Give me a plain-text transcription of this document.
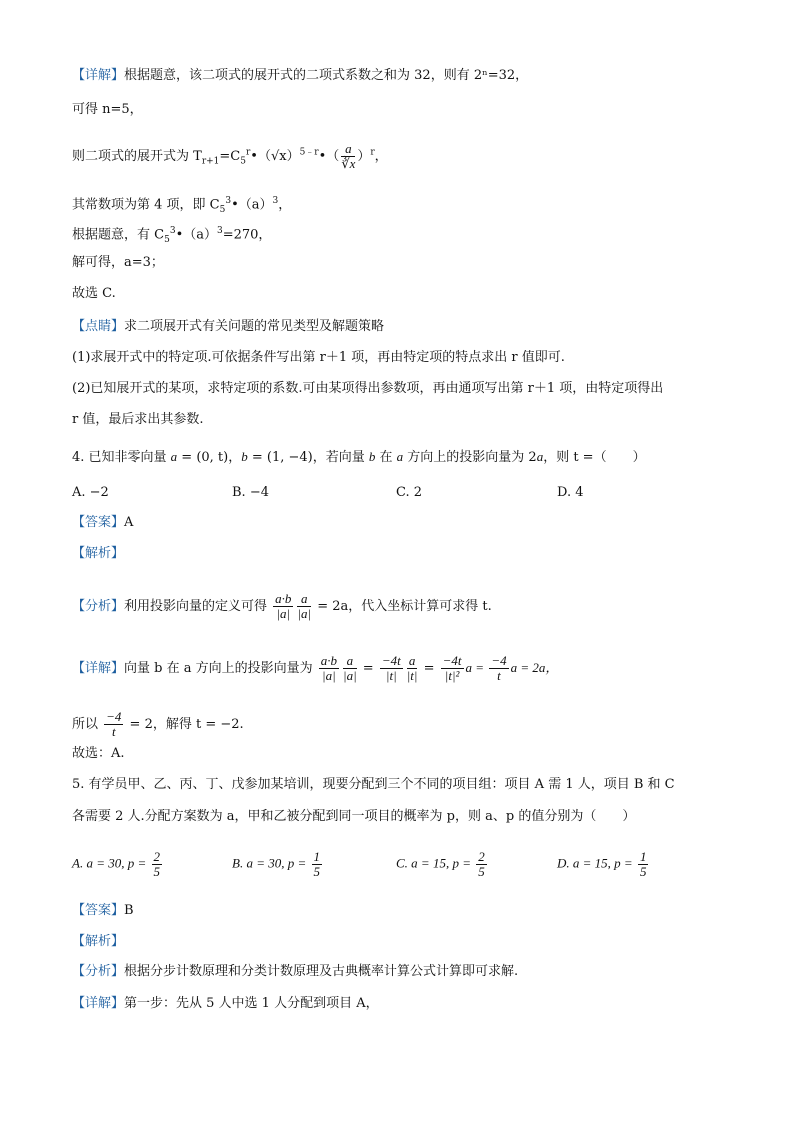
【详解】根据题意，该二项式的展开式的二项式系数之和为 32，则有 2ⁿ=32，
可得 n=5，
则二项式的展开式为 $T_{r+1}=C_5^r•(√x)^{5﹣r}•( \frac{a}{∛x} )^r$，
其常数项为第 4 项，即 $C_5^3•(a)^3$，
根据题意，有 $C_5^3•(a)^3=270$，
解可得，a=3；
故选 C.
【点睛】求二项展开式有关问题的常见类型及解题策略
(1)求展开式中的特定项.可依据条件写出第 r＋1 项，再由特定项的特点求出 r 值即可.
(2)已知展开式的某项，求特定项的系数.可由某项得出参数项，再由通项写出第 r＋1 项，由特定项得出
r 值，最后求出其参数.
4. 已知非零向量 a = (0, t)，b = (1, −4)，若向量 b 在 a 方向上的投影向量为 2a，则 t =（　　）
A. −2	B. −4	C. 2	D. 4
【答案】A
【解析】
【分析】利用投影向量的定义可得 $\frac{a\cdot b}{|a|} \frac{a}{|a|} = 2a$，代入坐标计算可求得 t.
【详解】向量 b 在 a 方向上的投影向量为 $\frac{a\cdot b}{|a|} \frac{a}{|a|} = \frac{-4t}{|t|} \frac{a}{|t|} = \frac{-4t}{\text{|t|²}}$ $a = \frac{-4}{t}$ a = 2a，
所以 $\frac{-4}{t} = 2$，解得 t = −2.
故选：A.
5. 有学员甲、乙、丙、丁、戊参加某培训，现要分配到三个不同的项目组：项目 A 需 1 人，项目 B 和 C
各需要 2 人.分配方案数为 a，甲和乙被分配到同一项目的概率为 p，则 a、p 的值分别为（　　）
A. a = 30, $p = \frac{2}{5}$	B. a = 30, $p = \frac{1}{5}$	C. a = 15, $p = \frac{2}{5}$	D. a = 15, $p = \frac{1}{5}$
【答案】B
【解析】
【分析】根据分步计数原理和分类计数原理及古典概率计算公式计算即可求解.
【详解】第一步：先从 5 人中选 1 人分配到项目 A，
